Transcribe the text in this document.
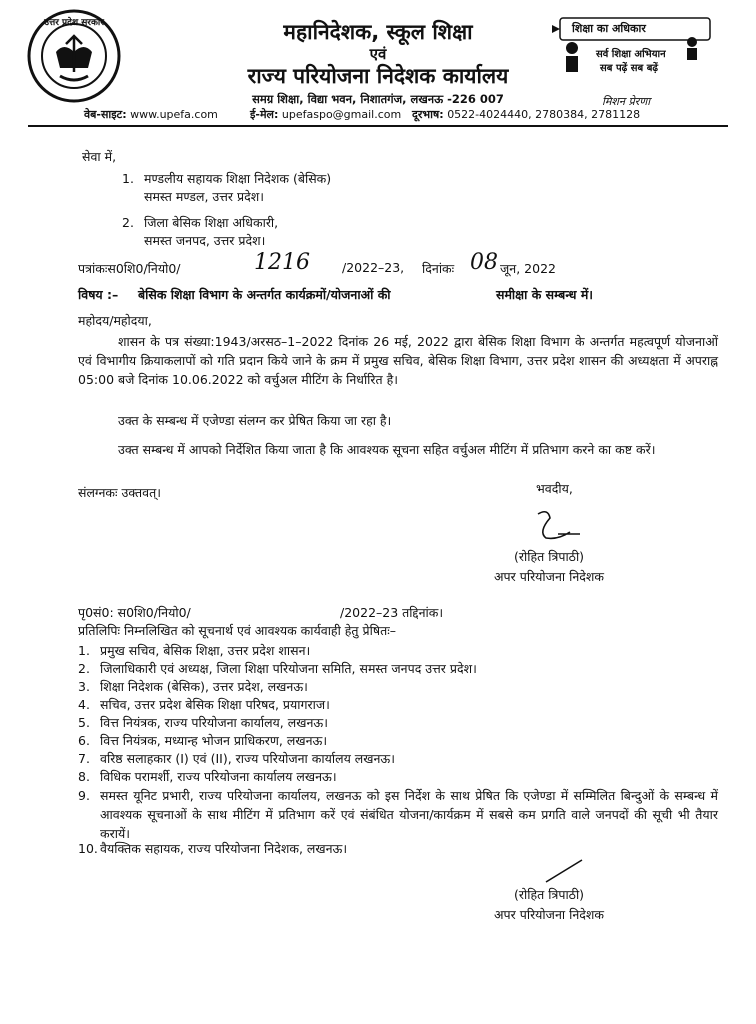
उत्तर प्रदेश सरकार	महानिदेशक, स्कूल शिक्षा
एवं
राज्य परियोजना निदेशक कार्यालय
समग्र शिक्षा, विद्या भवन, निशातगंज, लखनऊ -226 007
वेब-साइट: www.upefa.com	ई-मेल: upefaspo@gmail.com दूरभाष: 0522-4024440, 2780384, 2781128
शिक्षा का अधिकार
सर्व शिक्षा अभियान
सब पढ़ें सब बढ़ें
मिशन प्रेरणा
सेवा में,
1. मण्डलीय सहायक शिक्षा निदेशक (बेसिक)
समस्त मण्डल, उत्तर प्रदेश।
2. जिला बेसिक शिक्षा अधिकारी,
समस्त जनपद, उत्तर प्रदेश।
पत्रांकःस0शि0/नियो0/	1216	/2022–23, दिनांकः 08 जून, 2022
विषय :– बेसिक शिक्षा विभाग के अन्तर्गत कार्यक्रमों/योजनाओं की	समीक्षा के सम्बन्ध में।
महोदय/महोदया,
शासन के पत्र संख्या:1943/अरसठ–1–2022 दिनांक 26 मई, 2022 द्वारा बेसिक शिक्षा विभाग के अन्तर्गत महत्वपूर्ण योजनाओं एवं विभागीय क्रियाकलापों को गति प्रदान किये जाने के क्रम में प्रमुख सचिव, बेसिक शिक्षा विभाग, उत्तर प्रदेश शासन की अध्यक्षता में अपराह्न 05:00 बजे दिनांक 10.06.2022 को वर्चुअल मीटिंग के निर्धारित है।
उक्त के सम्बन्ध में एजेण्डा संलग्न कर प्रेषित किया जा रहा है।
उक्त सम्बन्ध में आपको निर्देशित किया जाता है कि आवश्यक सूचना सहित वर्चुअल मीटिंग में प्रतिभाग करने का कष्ट करें।
संलग्नकः उक्तवत्।	भवदीय,
(रोहित त्रिपाठी)
अपर परियोजना निदेशक
पृ0सं0: स0शि0/नियो0/	/2022–23 तद्दिनांक।
प्रतिलिपिः निम्नलिखित को सूचनार्थ एवं आवश्यक कार्यवाही हेतु प्रेषितः–
1. प्रमुख सचिव, बेसिक शिक्षा, उत्तर प्रदेश शासन।
2. जिलाधिकारी एवं अध्यक्ष, जिला शिक्षा परियोजना समिति, समस्त जनपद उत्तर प्रदेश।
3. शिक्षा निदेशक (बेसिक), उत्तर प्रदेश, लखनऊ।
4. सचिव, उत्तर प्रदेश बेसिक शिक्षा परिषद, प्रयागराज।
5. वित्त नियंत्रक, राज्य परियोजना कार्यालय, लखनऊ।
6. वित्त नियंत्रक, मध्यान्ह भोजन प्राधिकरण, लखनऊ।
7. वरिष्ठ सलाहकार (I) एवं (II), राज्य परियोजना कार्यालय लखनऊ।
8. विधिक परामर्शी, राज्य परियोजना कार्यालय लखनऊ।
9. समस्त यूनिट प्रभारी, राज्य परियोजना कार्यालय, लखनऊ को इस निर्देश के साथ प्रेषित कि एजेण्डा में सम्मिलित बिन्दुओं के सम्बन्ध में आवश्यक सूचनाओं के साथ मीटिंग में प्रतिभाग करें एवं संबंधित योजना/कार्यक्रम में सबसे कम प्रगति वाले जनपदों की सूची भी तैयार करायें।
10. वैयक्तिक सहायक, राज्य परियोजना निदेशक, लखनऊ।
(रोहित त्रिपाठी)
अपर परियोजना निदेशक
